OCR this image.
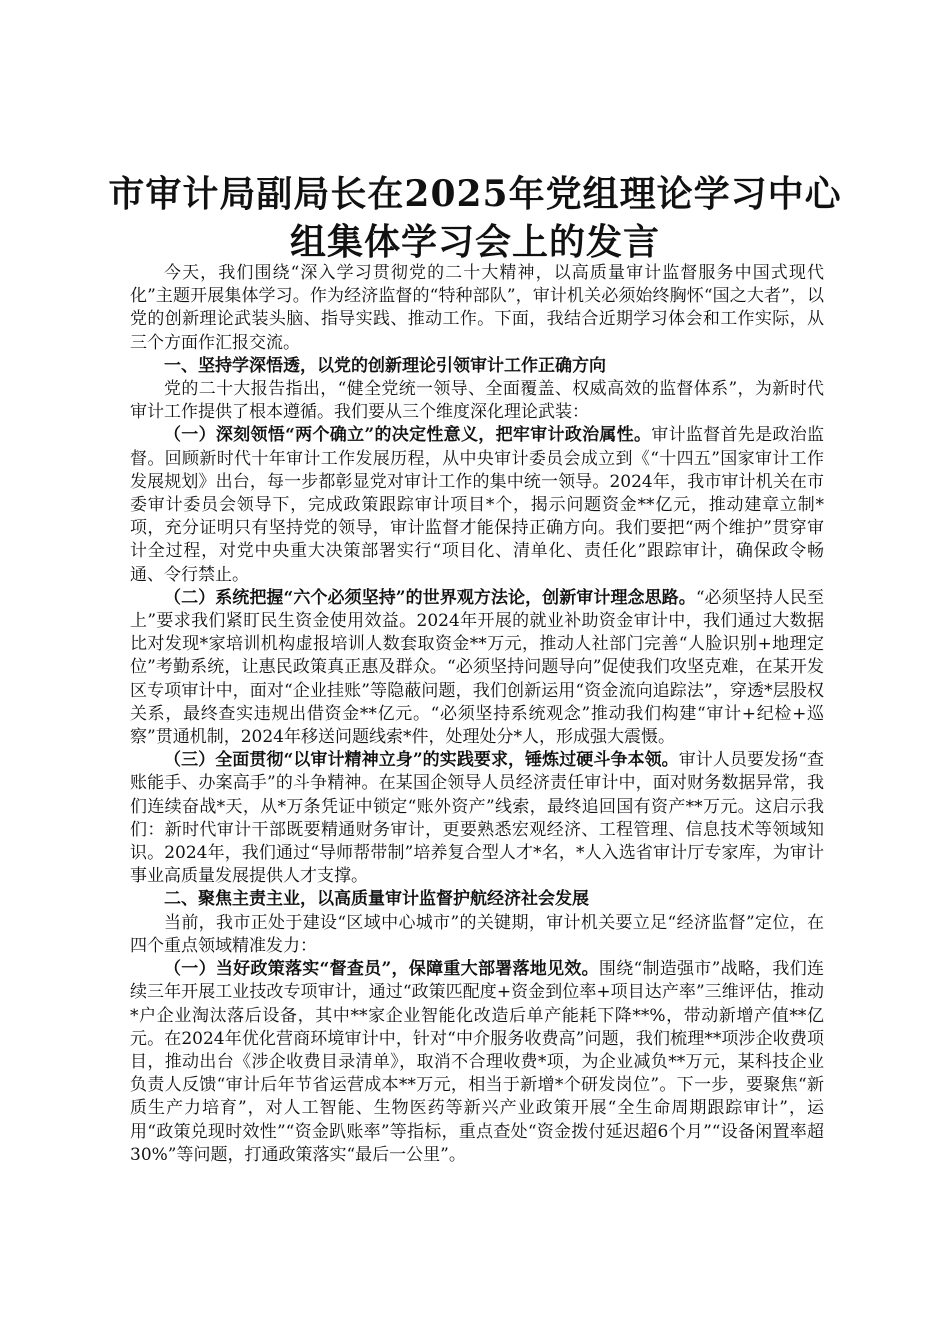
市审计局副局长在2025年党组理论学习中心
组集体学习会上的发言

今天，我们围绕“深入学习贯彻党的二十大精神，以高质量审计监督服务中国式现代化”主题开展集体学习。作为经济监督的“特种部队”，审计机关必须始终胸怀“国之大者”，以党的创新理论武装头脑、指导实践、推动工作。下面，我结合近期学习体会和工作实际，从三个方面作汇报交流。

一、坚持学深悟透，以党的创新理论引领审计工作正确方向

党的二十大报告指出，“健全党统一领导、全面覆盖、权威高效的监督体系”，为新时代审计工作提供了根本遵循。我们要从三个维度深化理论武装：

（一）深刻领悟“两个确立”的决定性意义，把牢审计政治属性。审计监督首先是政治监督。回顾新时代十年审计工作发展历程，从中央审计委员会成立到《“十四五”国家审计工作发展规划》出台，每一步都彰显党对审计工作的集中统一领导。2024年，我市审计机关在市委审计委员会领导下，完成政策跟踪审计项目*个，揭示问题资金**亿元，推动建章立制*项，充分证明只有坚持党的领导，审计监督才能保持正确方向。我们要把“两个维护”贯穿审计全过程，对党中央重大决策部署实行“项目化、清单化、责任化”跟踪审计，确保政令畅通、令行禁止。

（二）系统把握“六个必须坚持”的世界观方法论，创新审计理念思路。“必须坚持人民至上”要求我们紧盯民生资金使用效益。2024年开展的就业补助资金审计中，我们通过大数据比对发现*家培训机构虚报培训人数套取资金**万元，推动人社部门完善“人脸识别+地理定位”考勤系统，让惠民政策真正惠及群众。“必须坚持问题导向”促使我们攻坚克难，在某开发区专项审计中，面对“企业挂账”等隐蔽问题，我们创新运用“资金流向追踪法”，穿透*层股权关系，最终查实违规出借资金**亿元。“必须坚持系统观念”推动我们构建“审计+纪检+巡察”贯通机制，2024年移送问题线索*件，处理处分*人，形成强大震慑。

（三）全面贯彻“以审计精神立身”的实践要求，锤炼过硬斗争本领。审计人员要发扬“查账能手、办案高手”的斗争精神。在某国企领导人员经济责任审计中，面对财务数据异常，我们连续奋战*天，从*万条凭证中锁定“账外资产”线索，最终追回国有资产**万元。这启示我们：新时代审计干部既要精通财务审计，更要熟悉宏观经济、工程管理、信息技术等领域知识。2024年，我们通过“导师帮带制”培养复合型人才*名，*人入选省审计厅专家库，为审计事业高质量发展提供人才支撑。

二、聚焦主责主业，以高质量审计监督护航经济社会发展

当前，我市正处于建设“区域中心城市”的关键期，审计机关要立足“经济监督”定位，在四个重点领域精准发力：

（一）当好政策落实“督查员”，保障重大部署落地见效。围绕“制造强市”战略，我们连续三年开展工业技改专项审计，通过“政策匹配度+资金到位率+项目达产率”三维评估，推动*户企业淘汰落后设备，其中**家企业智能化改造后单产能耗下降**%，带动新增产值**亿元。在2024年优化营商环境审计中，针对“中介服务收费高”问题，我们梳理**项涉企收费项目，推动出台《涉企收费目录清单》，取消不合理收费*项，为企业减负**万元，某科技企业负责人反馈“审计后年节省运营成本**万元，相当于新增*个研发岗位”。下一步，要聚焦“新质生产力培育”，对人工智能、生物医药等新兴产业政策开展“全生命周期跟踪审计”，运用“政策兑现时效性”“资金趴账率”等指标，重点查处“资金拨付延迟超6个月”“设备闲置率超30%”等问题，打通政策落实“最后一公里”。
